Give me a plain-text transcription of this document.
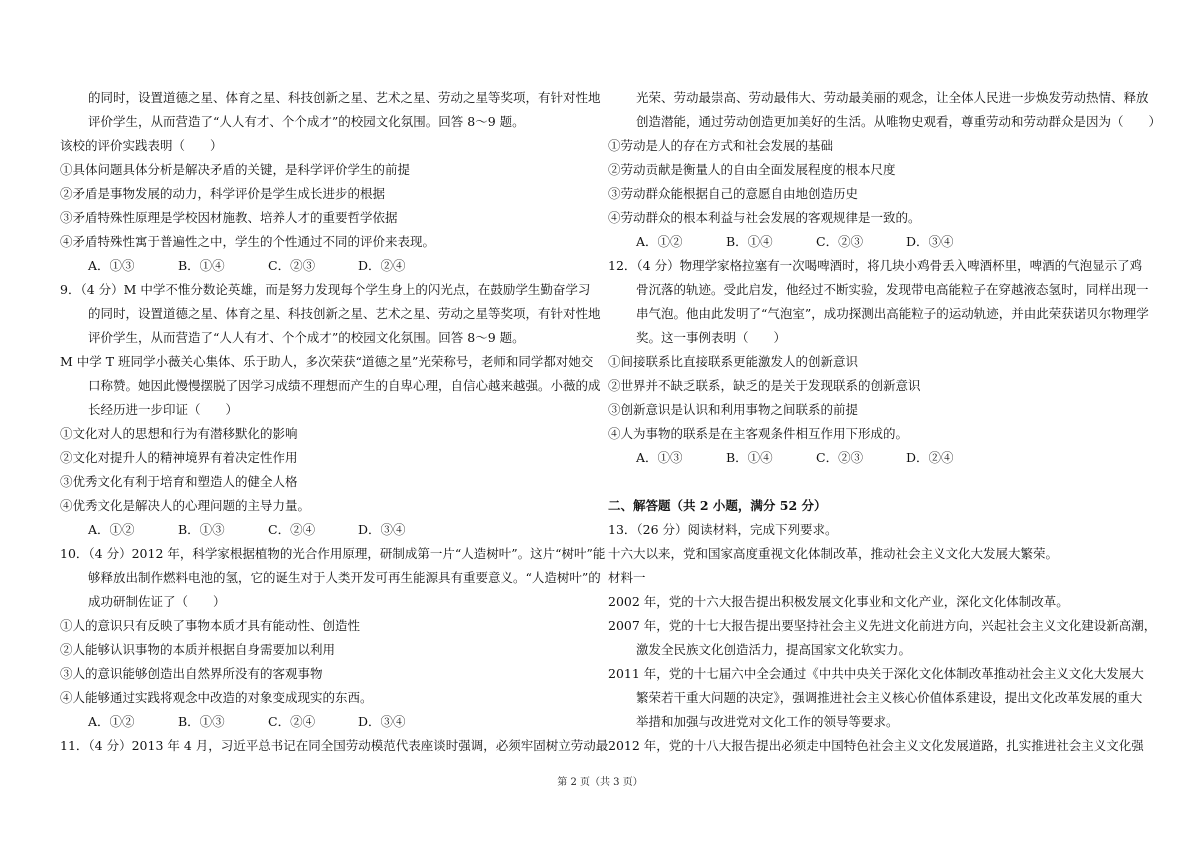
的同时，设置道德之星、体育之星、科技创新之星、艺术之星、劳动之星等奖项，有针对性地
评价学生，从而营造了“人人有才、个个成才”的校园文化氛围。回答 8～9 题。
该校的评价实践表明（　　）
①具体问题具体分析是解决矛盾的关键，是科学评价学生的前提
②矛盾是事物发展的动力，科学评价是学生成长进步的根据
③矛盾特殊性原理是学校因材施教、培养人才的重要哲学依据
④矛盾特殊性寓于普遍性之中，学生的个性通过不同的评价来表现。
A．①③	B．①④	C．②③	D．②④
9．（4 分）M 中学不惟分数论英雄，而是努力发现每个学生身上的闪光点，在鼓励学生勤奋学习
的同时，设置道德之星、体育之星、科技创新之星、艺术之星、劳动之星等奖项，有针对性地
评价学生，从而营造了“人人有才、个个成才”的校园文化氛围。回答 8～9 题。
M 中学 T 班同学小薇关心集体、乐于助人，多次荣获“道德之星”光荣称号，老师和同学都对她交
口称赞。她因此慢慢摆脱了因学习成绩不理想而产生的自卑心理，自信心越来越强。小薇的成
长经历进一步印证（　　）
①文化对人的思想和行为有潜移默化的影响
②文化对提升人的精神境界有着决定性作用
③优秀文化有利于培育和塑造人的健全人格
④优秀文化是解决人的心理问题的主导力量。
A．①②	B．①③	C．②④	D．③④
10．（4 分）2012 年，科学家根据植物的光合作用原理，研制成第一片“人造树叶”。这片“树叶”能
够释放出制作燃料电池的氢，它的诞生对于人类开发可再生能源具有重要意义。“人造树叶”的
成功研制佐证了（　　）
①人的意识只有反映了事物本质才具有能动性、创造性
②人能够认识事物的本质并根据自身需要加以利用
③人的意识能够创造出自然界所没有的客观事物
④人能够通过实践将观念中改造的对象变成现实的东西。
A．①②	B．①③	C．②④	D．③④
11．（4 分）2013 年 4 月，习近平总书记在同全国劳动模范代表座谈时强调，必须牢固树立劳动最
光荣、劳动最崇高、劳动最伟大、劳动最美丽的观念，让全体人民进一步焕发劳动热情、释放
创造潜能，通过劳动创造更加美好的生活。从唯物史观看，尊重劳动和劳动群众是因为（　　）
①劳动是人的存在方式和社会发展的基础
②劳动贡献是衡量人的自由全面发展程度的根本尺度
③劳动群众能根据自己的意愿自由地创造历史
④劳动群众的根本利益与社会发展的客观规律是一致的。
A．①②	B．①④	C．②③	D．③④
12．（4 分）物理学家格拉塞有一次喝啤酒时，将几块小鸡骨丢入啤酒杯里，啤酒的气泡显示了鸡
骨沉落的轨迹。受此启发，他经过不断实验，发现带电高能粒子在穿越液态氢时，同样出现一
串气泡。他由此发明了“气泡室”，成功探测出高能粒子的运动轨迹，并由此荣获诺贝尔物理学
奖。这一事例表明（　　）
①间接联系比直接联系更能激发人的创新意识
②世界并不缺乏联系，缺乏的是关于发现联系的创新意识
③创新意识是认识和利用事物之间联系的前提
④人为事物的联系是在主客观条件相互作用下形成的。
A．①③	B．①④	C．②③	D．②④
二、解答题（共 2 小题，满分 52 分）
13．（26 分）阅读材料，完成下列要求。
十六大以来，党和国家高度重视文化体制改革，推动社会主义文化大发展大繁荣。
材料一
2002 年，党的十六大报告提出积极发展文化事业和文化产业，深化文化体制改革。
2007 年，党的十七大报告提出要坚持社会主义先进文化前进方向，兴起社会主义文化建设新高潮，
激发全民族文化创造活力，提高国家文化软实力。
2011 年，党的十七届六中全会通过《中共中央关于深化文化体制改革推动社会主义文化大发展大
繁荣若干重大问题的决定》，强调推进社会主义核心价值体系建设，提出文化改革发展的重大
举措和加强与改进党对文化工作的领导等要求。
2012 年，党的十八大报告提出必须走中国特色社会主义文化发展道路，扎实推进社会主义文化强
第 2 页（共 3 页）
